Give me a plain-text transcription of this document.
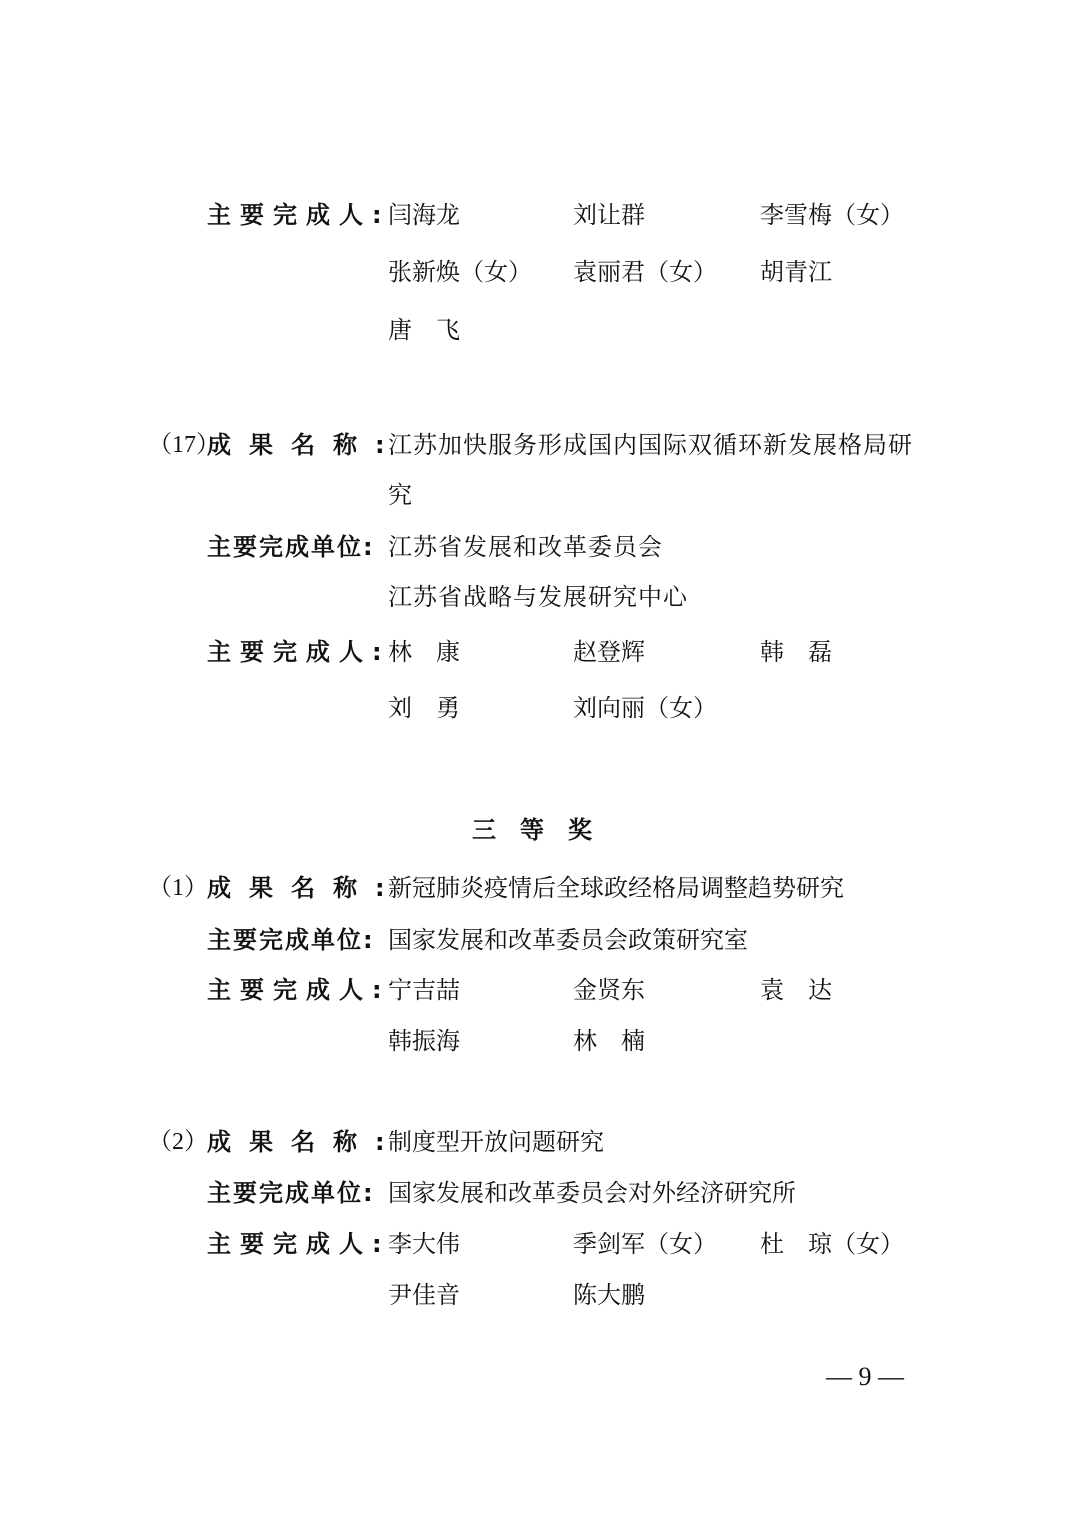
主要完成人:
闫海龙	刘让群	李雪梅（女）
张新焕（女） 袁丽君（女） 胡青江
唐　飞
（17）
成果名称:
江苏加快服务形成国内国际双循环新发展格局研
究
主要完成单位: 江苏省发展和改革委员会
江苏省战略与发展研究中心
主要完成人:
林　康	赵登辉	韩　磊
刘　勇	刘向丽（女）
三等奖
（1） 成果名称:
新冠肺炎疫情后全球政经格局调整趋势研究
主要完成单位: 国家发展和改革委员会政策研究室
主要完成人:
宁吉喆	金贤东	袁　达
韩振海	林　楠
（2） 成果名称:
制度型开放问题研究
主要完成单位: 国家发展和改革委员会对外经济研究所
主要完成人:
李大伟	季剑军（女） 杜　琼（女）
尹佳音	陈大鹏
— 9 —
